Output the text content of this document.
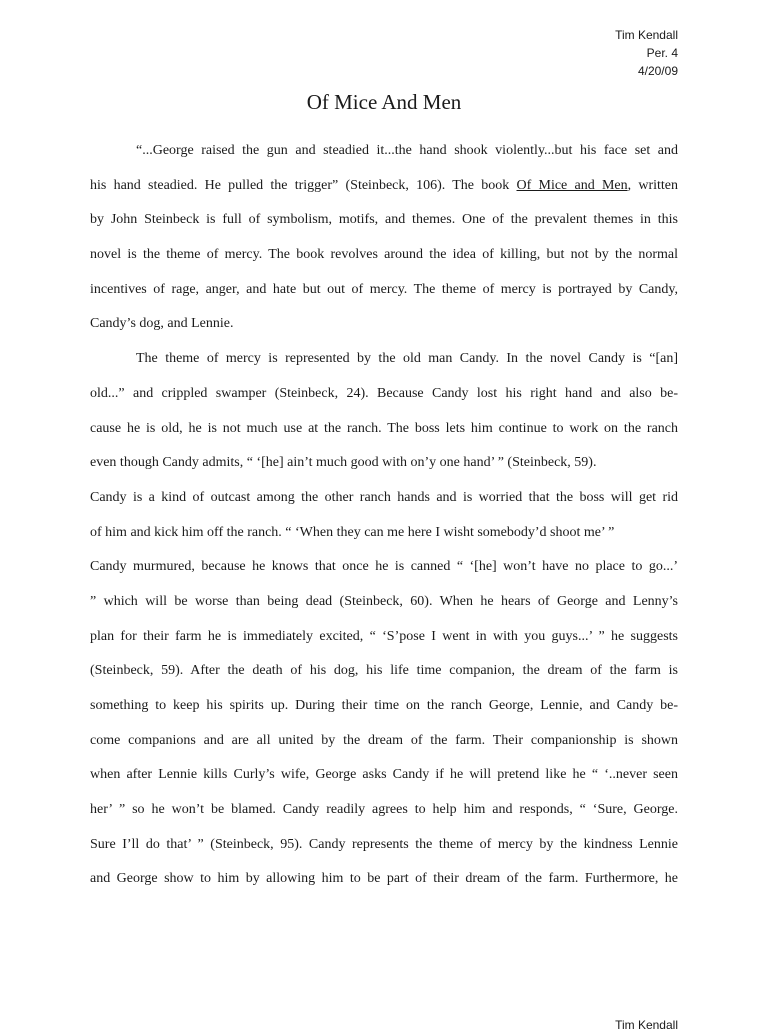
Tim Kendall
Per. 4
4/20/09
Of Mice And Men
“...George raised the gun and steadied it...the hand shook violently...but his face set and
his hand steadied. He pulled the trigger” (Steinbeck, 106). The book Of Mice and Men, written
by John Steinbeck is full of symbolism, motifs, and themes. One of the prevalent themes in this
novel is the theme of mercy. The book revolves around the idea of killing, but not by the normal
incentives of rage, anger, and hate but out of mercy. The theme of mercy is portrayed by Candy,
Candy’s dog, and Lennie.
The theme of mercy is represented by the old man Candy. In the novel Candy is “[an]
old...” and crippled swamper (Steinbeck, 24). Because Candy lost his right hand and also be-
cause he is old, he is not much use at the ranch. The boss lets him continue to work on the ranch
even though Candy admits, “ ‘[he] ain’t much good with on’y one hand’ ” (Steinbeck, 59).
Candy is a kind of outcast among the other ranch hands and is worried that the boss will get rid
of him and kick him off the ranch. “ ‘When they can me here I wisht somebody’d shoot me’ ”
Candy murmured, because he knows that once he is canned “ ‘[he] won’t have no place to go...’
” which will be worse than being dead (Steinbeck, 60). When he hears of George and Lenny’s
plan for their farm he is immediately excited, “ ‘S’pose I went in with you guys...’ ” he suggests
(Steinbeck, 59). After the death of his dog, his life time companion, the dream of the farm is
something to keep his spirits up. During their time on the ranch George, Lennie, and Candy be-
come companions and are all united by the dream of the farm. Their companionship is shown
when after Lennie kills Curly’s wife, George asks Candy if he will pretend like he “ ‘..never seen
her’ ” so he won’t be blamed. Candy readily agrees to help him and responds, “ ‘Sure, George.
Sure I’ll do that’ ” (Steinbeck, 95). Candy represents the theme of mercy by the kindness Lennie
and George show to him by allowing him to be part of their dream of the farm. Furthermore, he
Tim Kendall
